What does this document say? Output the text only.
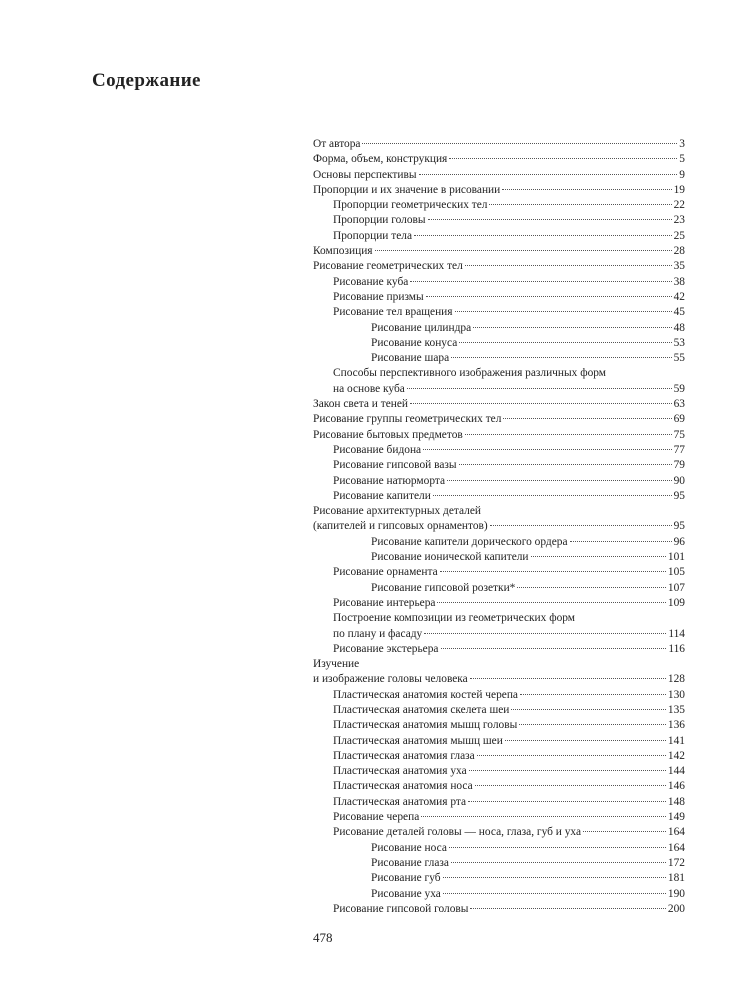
Содержание
От автора	3
Форма, объем, конструкция	5
Основы перспективы	9
Пропорции и их значение в рисовании	19
Пропорции геометрических тел	22
Пропорции головы	23
Пропорции тела	25
Композиция	28
Рисование геометрических тел	35
Рисование куба	38
Рисование призмы	42
Рисование тел вращения	45
Рисование цилиндра	48
Рисование конуса	53
Рисование шара	55
Способы перспективного изображения различных форм
на основе куба	59
Закон света и теней	63
Рисование группы геометрических тел	69
Рисование бытовых предметов	75
Рисование бидона	77
Рисование гипсовой вазы	79
Рисование натюрморта	90
Рисование капители	95
Рисование архитектурных деталей
(капителей и гипсовых орнаментов)	95
Рисование капители дорического ордера	96
Рисование ионической капители	101
Рисование орнамента	105
Рисование гипсовой розетки*	107
Рисование интерьера	109
Построение композиции из геометрических форм
по плану и фасаду	114
Рисование экстерьера	116
Изучение
и изображение головы человека	128
Пластическая анатомия костей черепа	130
Пластическая анатомия скелета шеи	135
Пластическая анатомия мышц головы	136
Пластическая анатомия мышц шеи	141
Пластическая анатомия глаза	142
Пластическая анатомия уха	144
Пластическая анатомия носа	146
Пластическая анатомия рта	148
Рисование черепа	149
Рисование деталей головы — носа, глаза, губ и уха	164
Рисование носа	164
Рисование глаза	172
Рисование губ	181
Рисование уха	190
Рисование гипсовой головы	200
478
